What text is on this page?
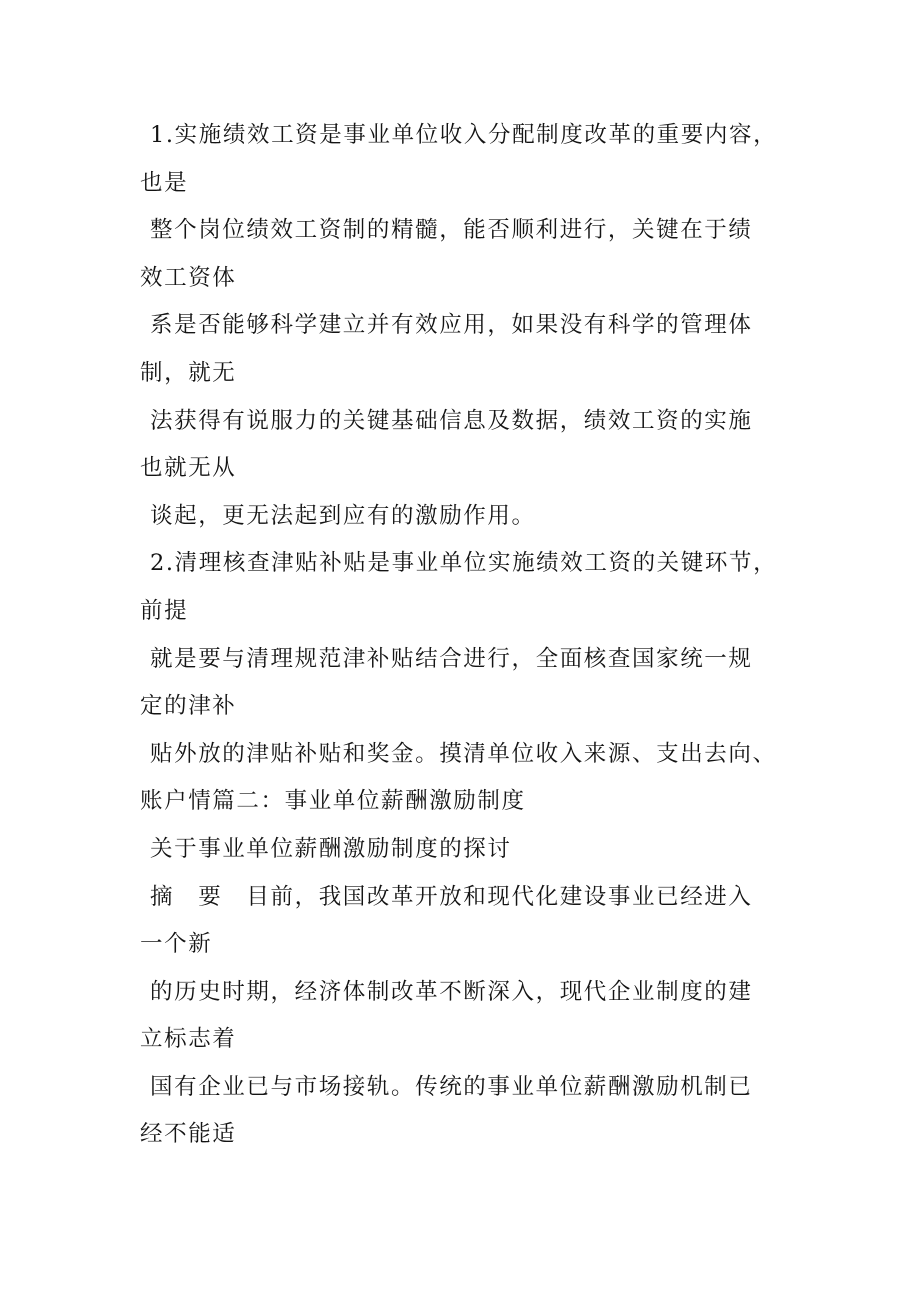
1.实施绩效工资是事业单位收入分配制度改革的重要内容，
也是
整个岗位绩效工资制的精髓，能否顺利进行，关键在于绩
效工资体
系是否能够科学建立并有效应用，如果没有科学的管理体
制，就无
法获得有说服力的关键基础信息及数据，绩效工资的实施
也就无从
谈起，更无法起到应有的激励作用。
2.清理核查津贴补贴是事业单位实施绩效工资的关键环节，
前提
就是要与清理规范津补贴结合进行，全面核查国家统一规
定的津补
贴外放的津贴补贴和奖金。摸清单位收入来源、支出去向、
账户情篇二：事业单位薪酬激励制度
关于事业单位薪酬激励制度的探讨
摘　要　目前，我国改革开放和现代化建设事业已经进入
一个新
的历史时期，经济体制改革不断深入，现代企业制度的建
立标志着
国有企业已与市场接轨。传统的事业单位薪酬激励机制已
经不能适
